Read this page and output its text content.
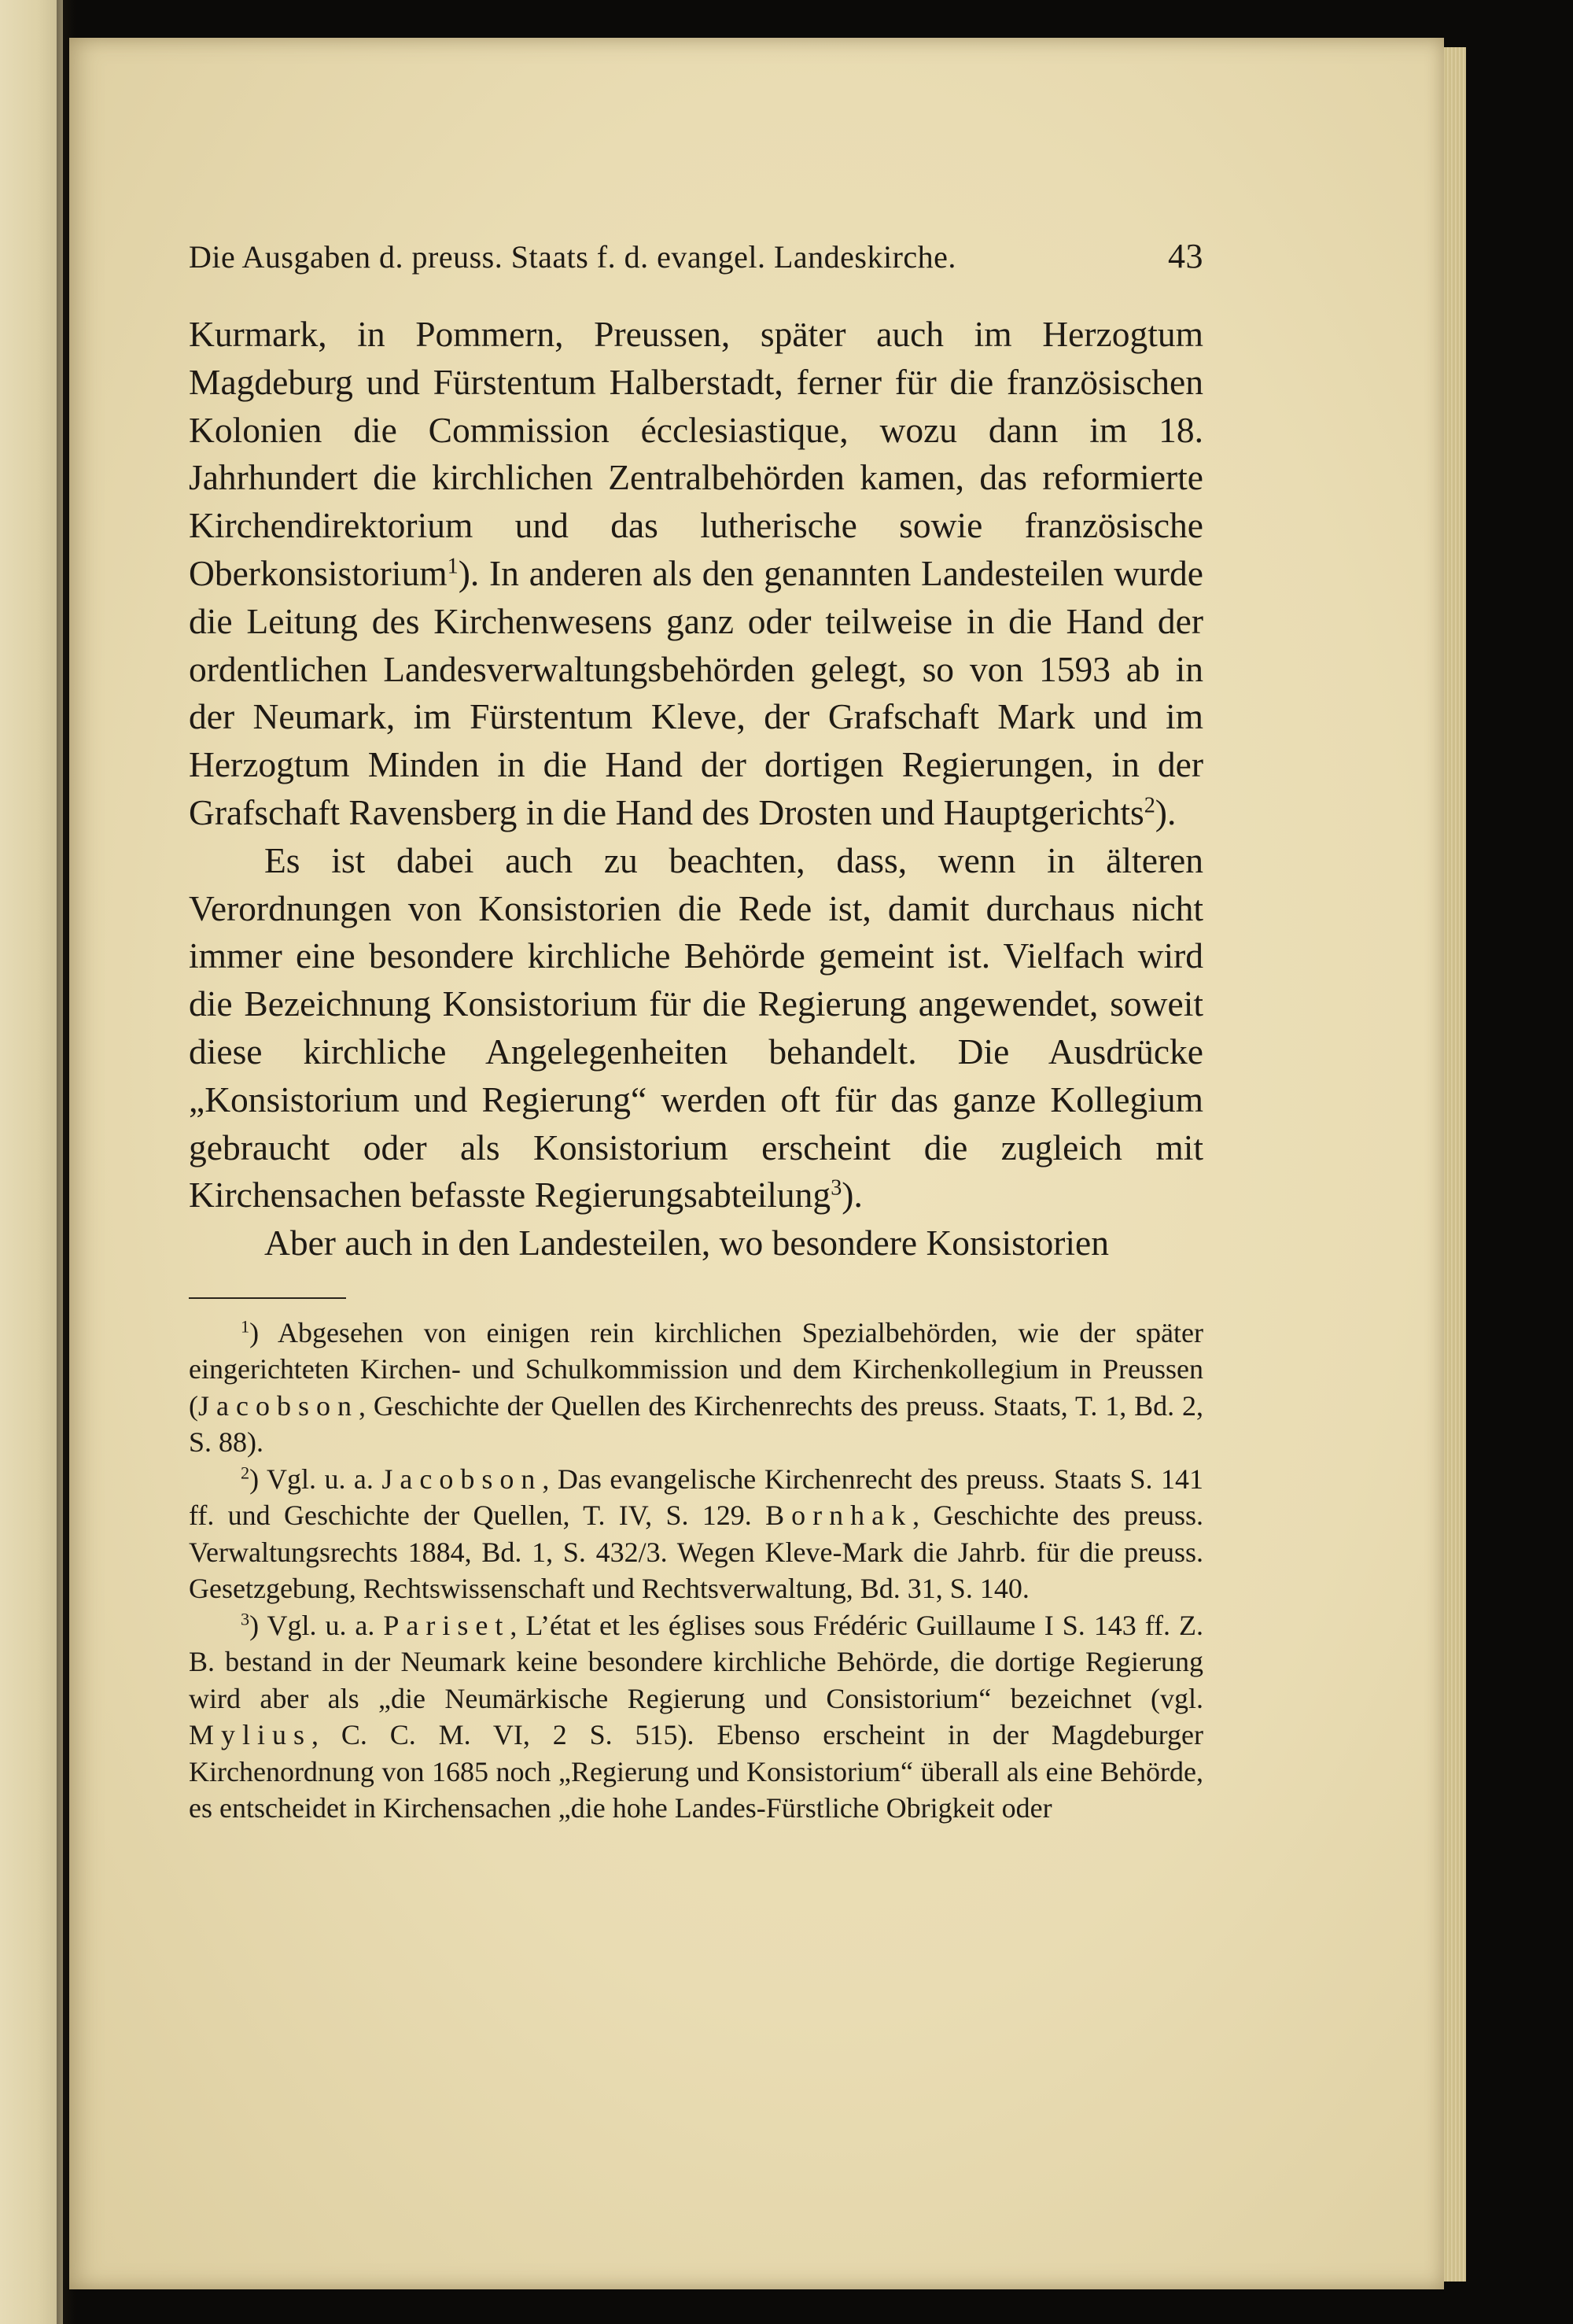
Die Ausgaben d. preuss. Staats f. d. evangel. Landeskirche.	43

Kurmark, in Pommern, Preussen, später auch im Herzogtum Magdeburg und Fürstentum Halberstadt, ferner für die französischen Kolonien die Commission écclesiastique, wozu dann im 18. Jahrhundert die kirchlichen Zentralbehörden kamen, das reformierte Kirchendirektorium und das lutherische sowie französische Oberkonsistorium$^1$). In anderen als den genannten Landesteilen wurde die Leitung des Kirchenwesens ganz oder teilweise in die Hand der ordentlichen Landesverwaltungsbehörden gelegt, so von 1593 ab in der Neumark, im Fürstentum Kleve, der Grafschaft Mark und im Herzogtum Minden in die Hand der dortigen Regierungen, in der Grafschaft Ravensberg in die Hand des Drosten und Hauptgerichts$^2$).

Es ist dabei auch zu beachten, dass, wenn in älteren Verordnungen von Konsistorien die Rede ist, damit durchaus nicht immer eine besondere kirchliche Behörde gemeint ist. Vielfach wird die Bezeichnung Konsistorium für die Regierung angewendet, soweit diese kirchliche Angelegenheiten behandelt. Die Ausdrücke „Konsistorium und Regierung“ werden oft für das ganze Kollegium gebraucht oder als Konsistorium erscheint die zugleich mit Kirchensachen befasste Regierungsabteilung$^3$).

Aber auch in den Landesteilen, wo besondere Konsistorien

$^1$) Abgesehen von einigen rein kirchlichen Spezialbehörden, wie der später eingerichteten Kirchen- und Schulkommission und dem Kirchenkollegium in Preussen (Jacobson, Geschichte der Quellen des Kirchenrechts des preuss. Staats, T. 1, Bd. 2, S. 88).

$^2$) Vgl. u. a. Jacobson, Das evangelische Kirchenrecht des preuss. Staats S. 141 ff. und Geschichte der Quellen, T. IV, S. 129. Bornhak, Geschichte des preuss. Verwaltungsrechts 1884, Bd. 1, S. 432/3. Wegen Kleve-Mark die Jahrb. für die preuss. Gesetzgebung, Rechtswissenschaft und Rechtsverwaltung, Bd. 31, S. 140.

$^3$) Vgl. u. a. Pariset, L’état et les églises sous Frédéric Guillaume I S. 143 ff. Z. B. bestand in der Neumark keine besondere kirchliche Behörde, die dortige Regierung wird aber als „die Neumärkische Regierung und Consistorium“ bezeichnet (vgl. Mylius, C. C. M. VI, 2 S. 515). Ebenso erscheint in der Magdeburger Kirchenordnung von 1685 noch „Regierung und Konsistorium“ überall als eine Behörde, es entscheidet in Kirchensachen „die hohe Landes-Fürstliche Obrigkeit oder
